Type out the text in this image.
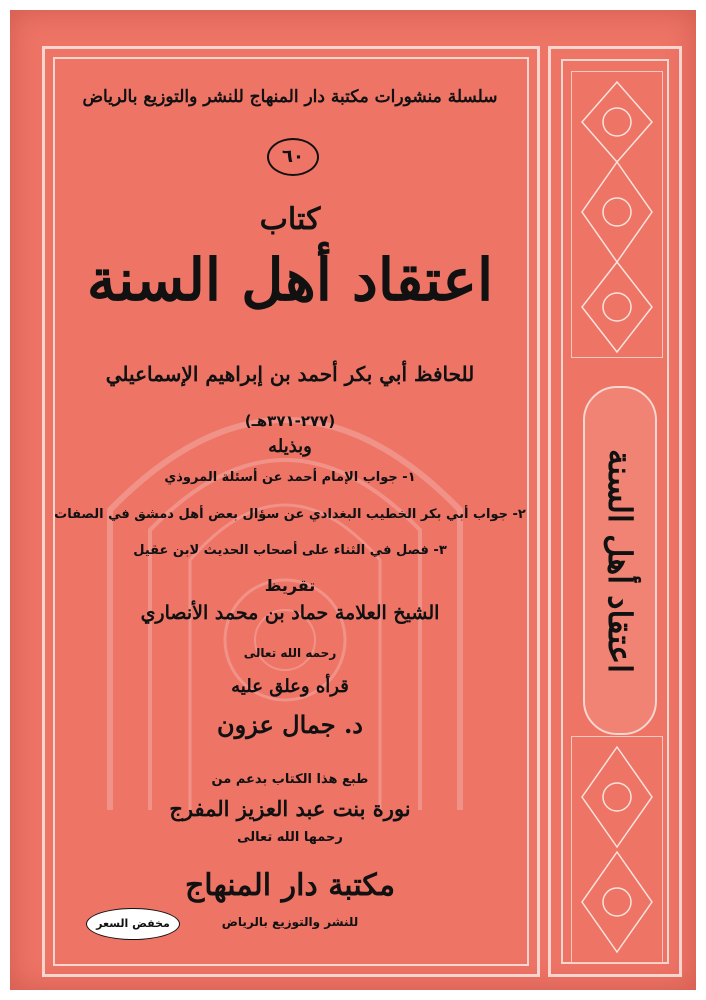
اعتقاد أهل السنة
سلسلة منشورات مكتبة دار المنهاج للنشر والتوزيع بالرياض
٦٠
كتاب
اعتقاد أهل السنة
للحافظ أبي بكر أحمد بن إبراهيم الإسماعيلي
(٢٧٧-٣٧١هـ)
وبذيله
١- جواب الإمام أحمد عن أسئلة المروذي
٢- جواب أبي بكر الخطيب البغدادي عن سؤال بعض أهل دمشق في الصفات
٣- فصل في الثناء على أصحاب الحديث لابن عقيل
تقريظ
الشيخ العلامة حماد بن محمد الأنصاري
رحمه الله تعالى
قرأه وعلق عليه
د. جمال عزون
طبع هذا الكتاب بدعم من
نورة بنت عبد العزيز المفرج
رحمها الله تعالى
مكتبة دار المنهاج
للنشر والتوزيع بالرياض
مخفض السعر
